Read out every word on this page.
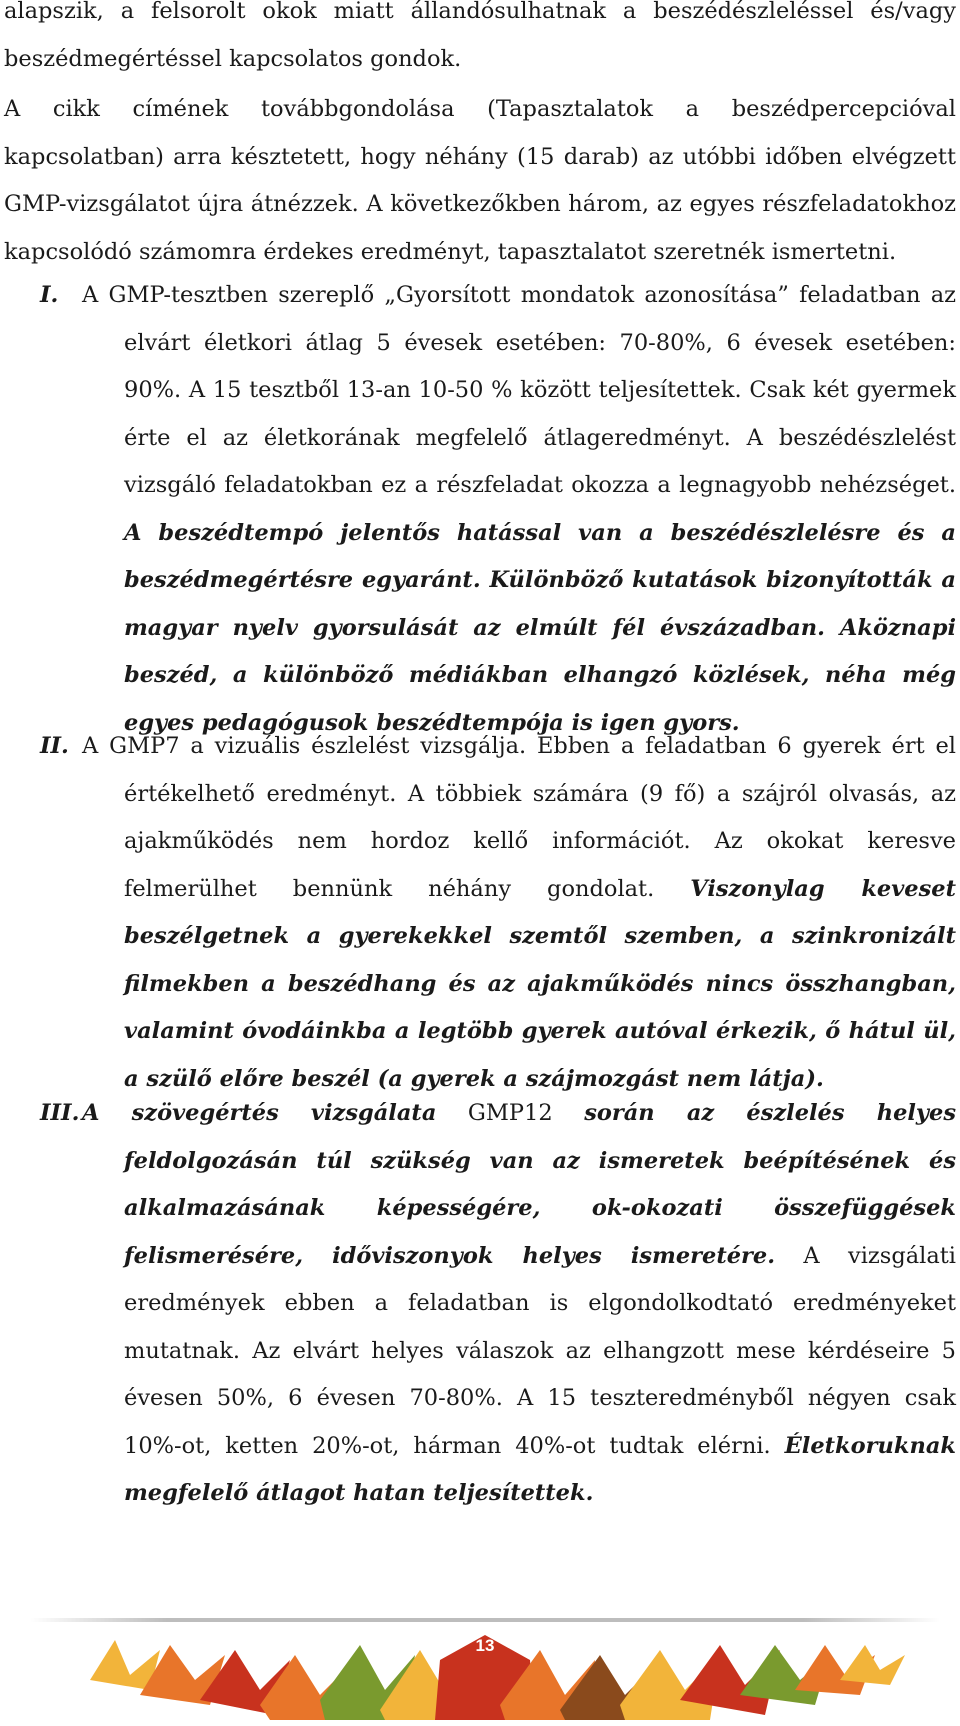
alapszik, a felsorolt okok miatt állandósulhatnak a beszédészleléssel és/vagy beszédmegértéssel kapcsolatos gondok.

A cikk címének továbbgondolása (Tapasztalatok a beszédpercepcióval kapcsolatban) arra késztetett, hogy néhány (15 darab) az utóbbi időben elvégzett GMP-vizsgálatot újra átnézzek. A következőkben három, az egyes részfeladatokhoz kapcsolódó számomra érdekes eredményt, tapasztalatot szeretnék ismertetni.

I. A GMP-tesztben szereplő „Gyorsított mondatok azonosítása” feladatban az elvárt életkori átlag 5 évesek esetében: 70-80%, 6 évesek esetében: 90%. A 15 tesztből 13-an 10-50 % között teljesítettek. Csak két gyermek érte el az életkorának megfelelő átlageredményt. A beszédészlelést vizsgáló feladatokban ez a részfeladat okozza a legnagyobb nehézséget. A beszédtempó jelentős hatással van a beszédészlelésre és a beszédmegértésre egyaránt. Különböző kutatások bizonyították a magyar nyelv gyorsulását az elmúlt fél évszázadban. Aköznapi beszéd, a különböző médiákban elhangzó közlések, néha még egyes pedagógusok beszédtempója is igen gyors.
II. A GMP7 a vizuális észlelést vizsgálja. Ebben a feladatban 6 gyerek ért el értékelhető eredményt. A többiek számára (9 fő) a szájról olvasás, az ajakműködés nem hordoz kellő információt. Az okokat keresve felmerülhet bennünk néhány gondolat. Viszonylag keveset beszélgetnek a gyerekekkel szemtől szemben, a szinkronizált filmekben a beszédhang és az ajakműködés nincs összhangban, valamint óvodáinkba a legtöbb gyerek autóval érkezik, ő hátul ül, a szülő előre beszél (a gyerek a szájmozgást nem látja).
III. A szövegértés vizsgálata GMP12 során az észlelés helyes feldolgozásán túl szükség van az ismeretek beépítésének és alkalmazásának képességére, ok-okozati összefüggések felismerésére, időviszonyok helyes ismeretére. A vizsgálati eredmények ebben a feladatban is elgondolkodtató eredményeket mutatnak. Az elvárt helyes válaszok az elhangzott mese kérdéseire 5 évesen 50%, 6 évesen 70-80%. A 15 teszteredményből négyen csak 10%-ot, ketten 20%-ot, hárman 40%-ot tudtak elérni. Életkoruknak megfelelő átlagot hatan teljesítettek.
13
